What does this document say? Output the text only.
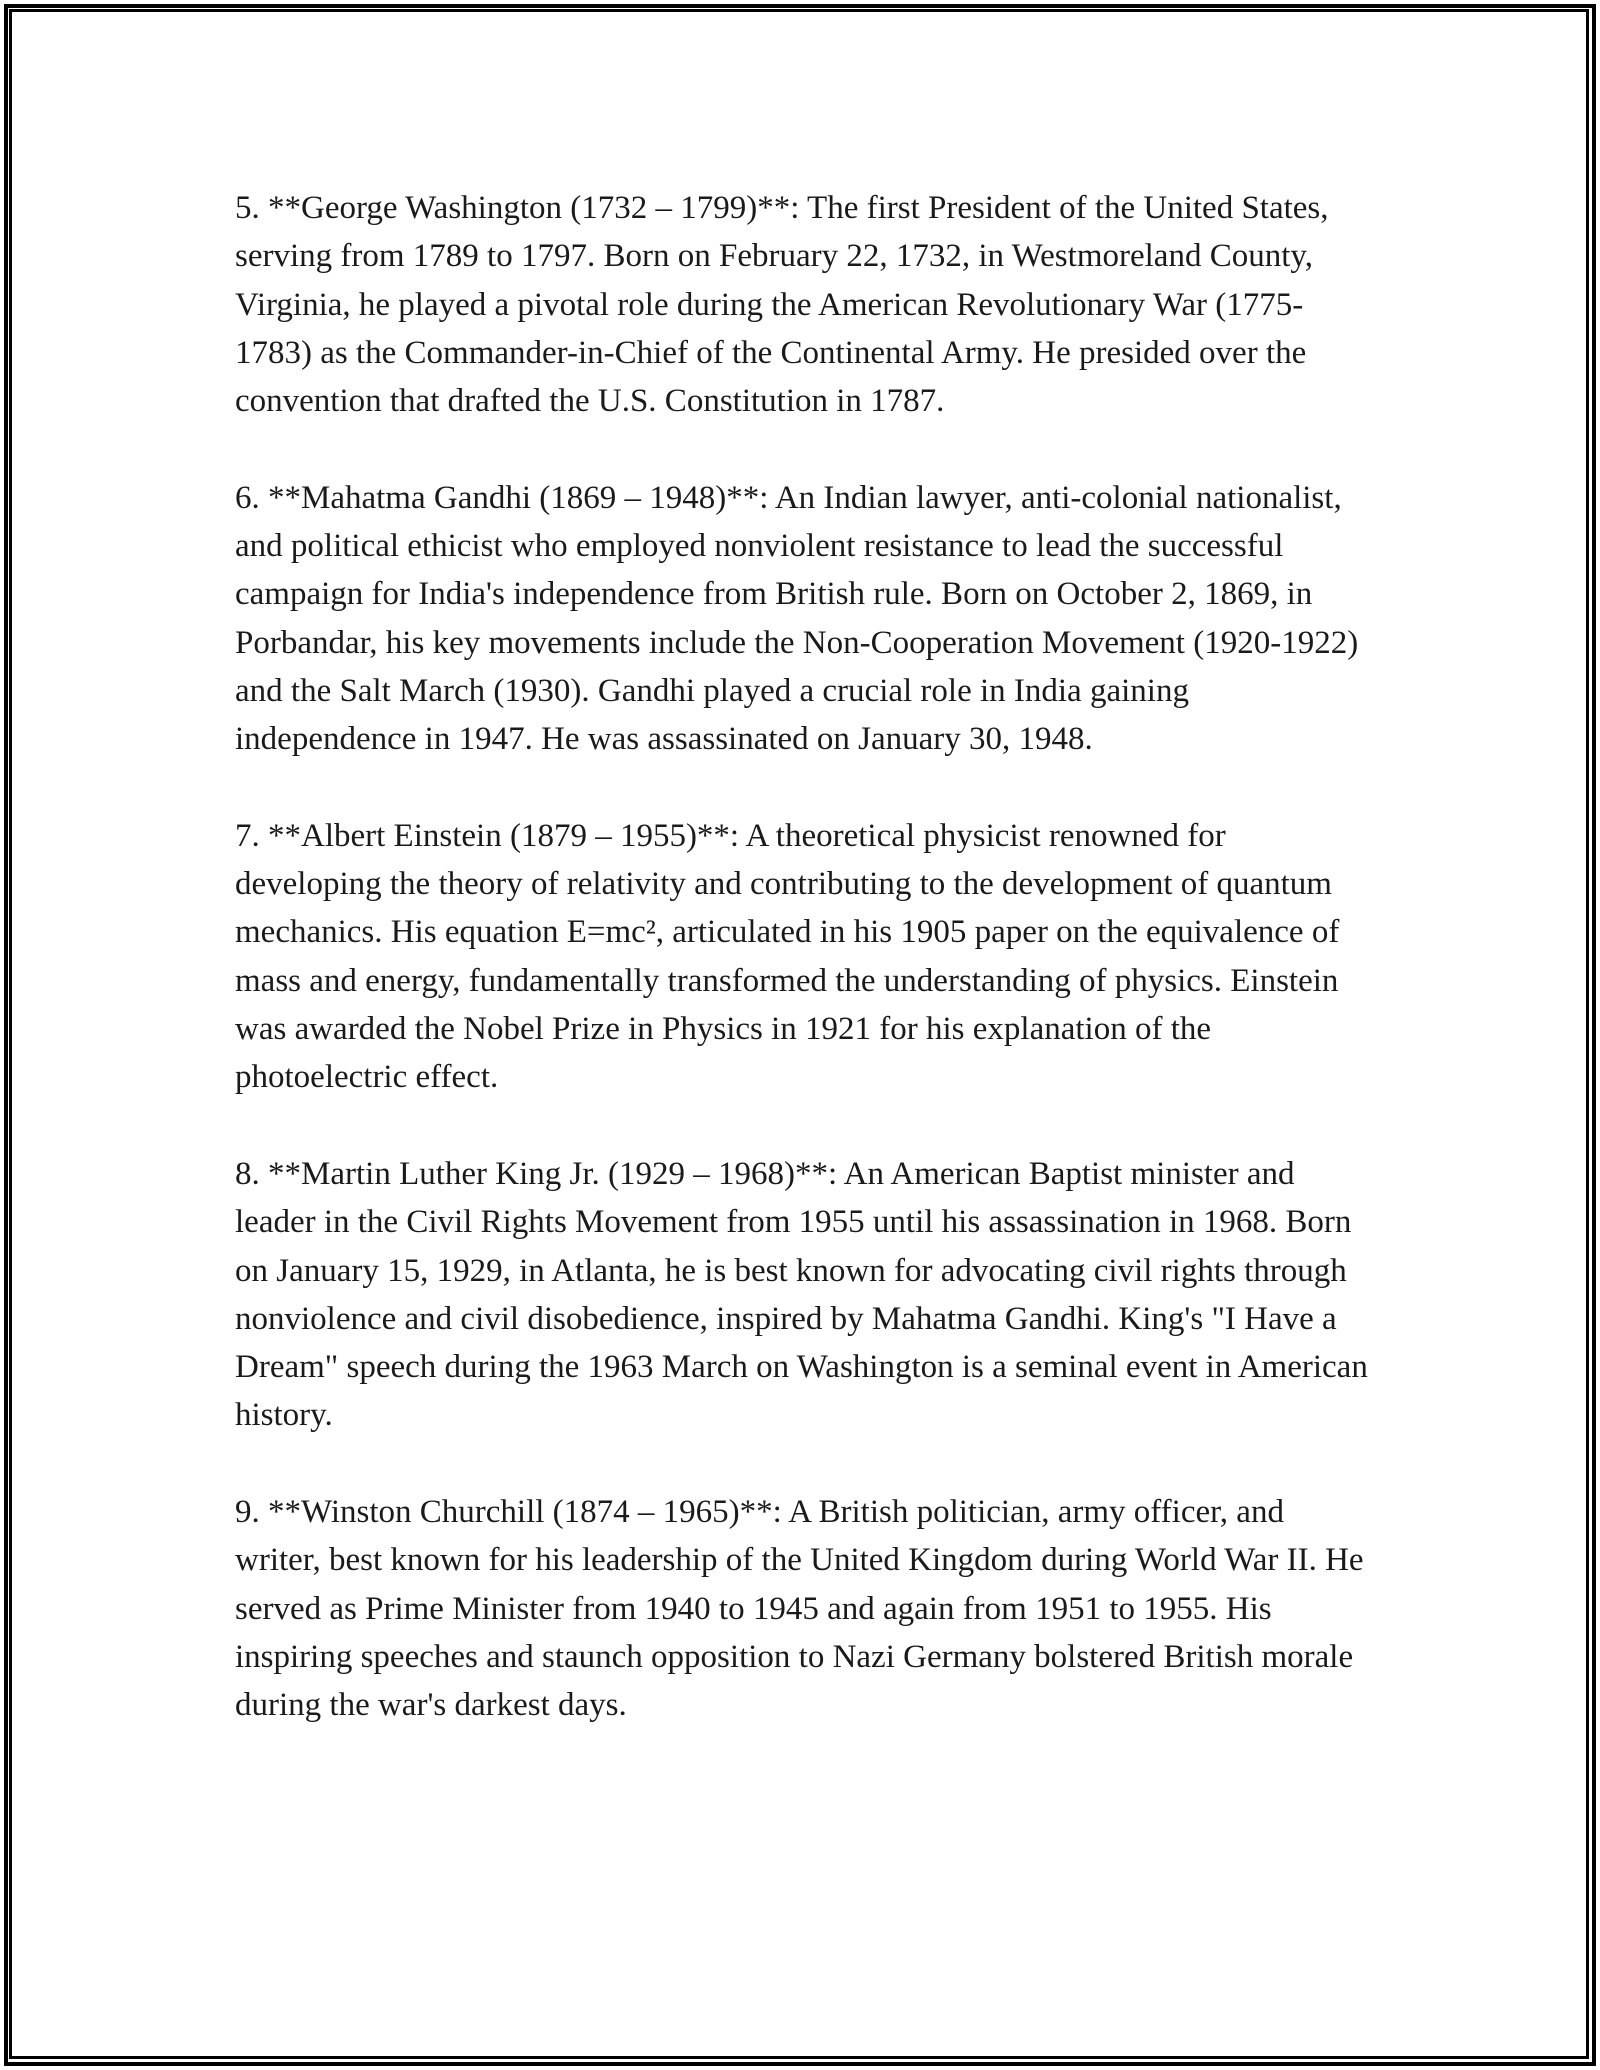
5. **George Washington (1732 – 1799)**: The first President of the United States, serving from 1789 to 1797. Born on February 22, 1732, in Westmoreland County, Virginia, he played a pivotal role during the American Revolutionary War (1775-1783) as the Commander-in-Chief of the Continental Army. He presided over the convention that drafted the U.S. Constitution in 1787.

6. **Mahatma Gandhi (1869 – 1948)**: An Indian lawyer, anti-colonial nationalist, and political ethicist who employed nonviolent resistance to lead the successful campaign for India's independence from British rule. Born on October 2, 1869, in Porbandar, his key movements include the Non-Cooperation Movement (1920-1922) and the Salt March (1930). Gandhi played a crucial role in India gaining independence in 1947. He was assassinated on January 30, 1948.

7. **Albert Einstein (1879 – 1955)**: A theoretical physicist renowned for developing the theory of relativity and contributing to the development of quantum mechanics. His equation E=mc², articulated in his 1905 paper on the equivalence of mass and energy, fundamentally transformed the understanding of physics. Einstein was awarded the Nobel Prize in Physics in 1921 for his explanation of the photoelectric effect.

8. **Martin Luther King Jr. (1929 – 1968)**: An American Baptist minister and leader in the Civil Rights Movement from 1955 until his assassination in 1968. Born on January 15, 1929, in Atlanta, he is best known for advocating civil rights through nonviolence and civil disobedience, inspired by Mahatma Gandhi. King's "I Have a Dream" speech during the 1963 March on Washington is a seminal event in American history.

9. **Winston Churchill (1874 – 1965)**: A British politician, army officer, and writer, best known for his leadership of the United Kingdom during World War II. He served as Prime Minister from 1940 to 1945 and again from 1951 to 1955. His inspiring speeches and staunch opposition to Nazi Germany bolstered British morale during the war's darkest days.
